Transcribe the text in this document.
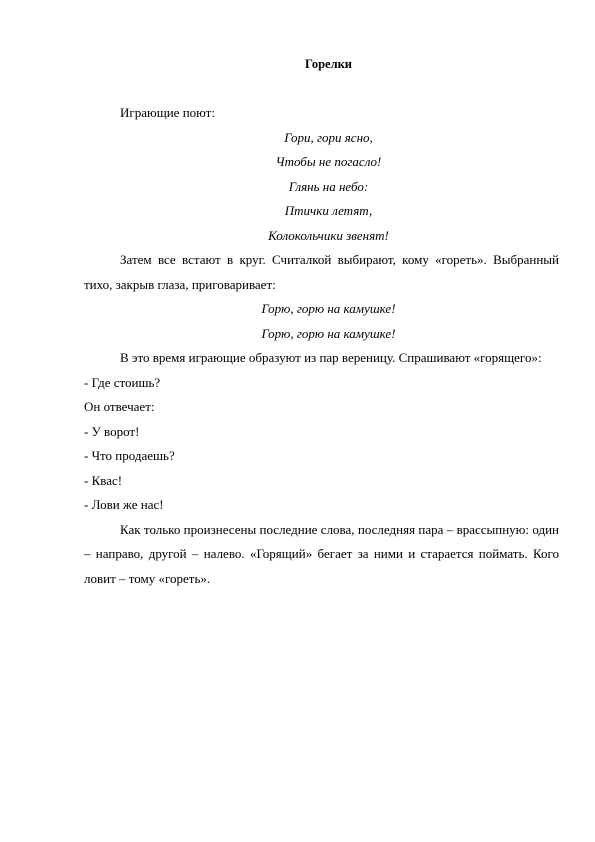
Горелки

Играющие поют:

Гори, гори ясно,

Чтобы не погасло!

Глянь на небо:

Птички летят,

Колокольчики звенят!

Затем все встают в круг. Считалкой выбирают, кому «гореть». Выбранный тихо, закрыв глаза, приговаривает:

Горю, горю на камушке!

Горю, горю на камушке!

В это время играющие образуют из пар вереницу. Спрашивают «горящего»:

- Где стоишь?

Он отвечает:

- У ворот!

- Что продаешь?

- Квас!

- Лови же нас!

Как только произнесены последние слова, последняя пара – врассыпную: один – направо, другой – налево. «Горящий» бегает за ними и старается поймать. Кого ловит – тому «гореть».
